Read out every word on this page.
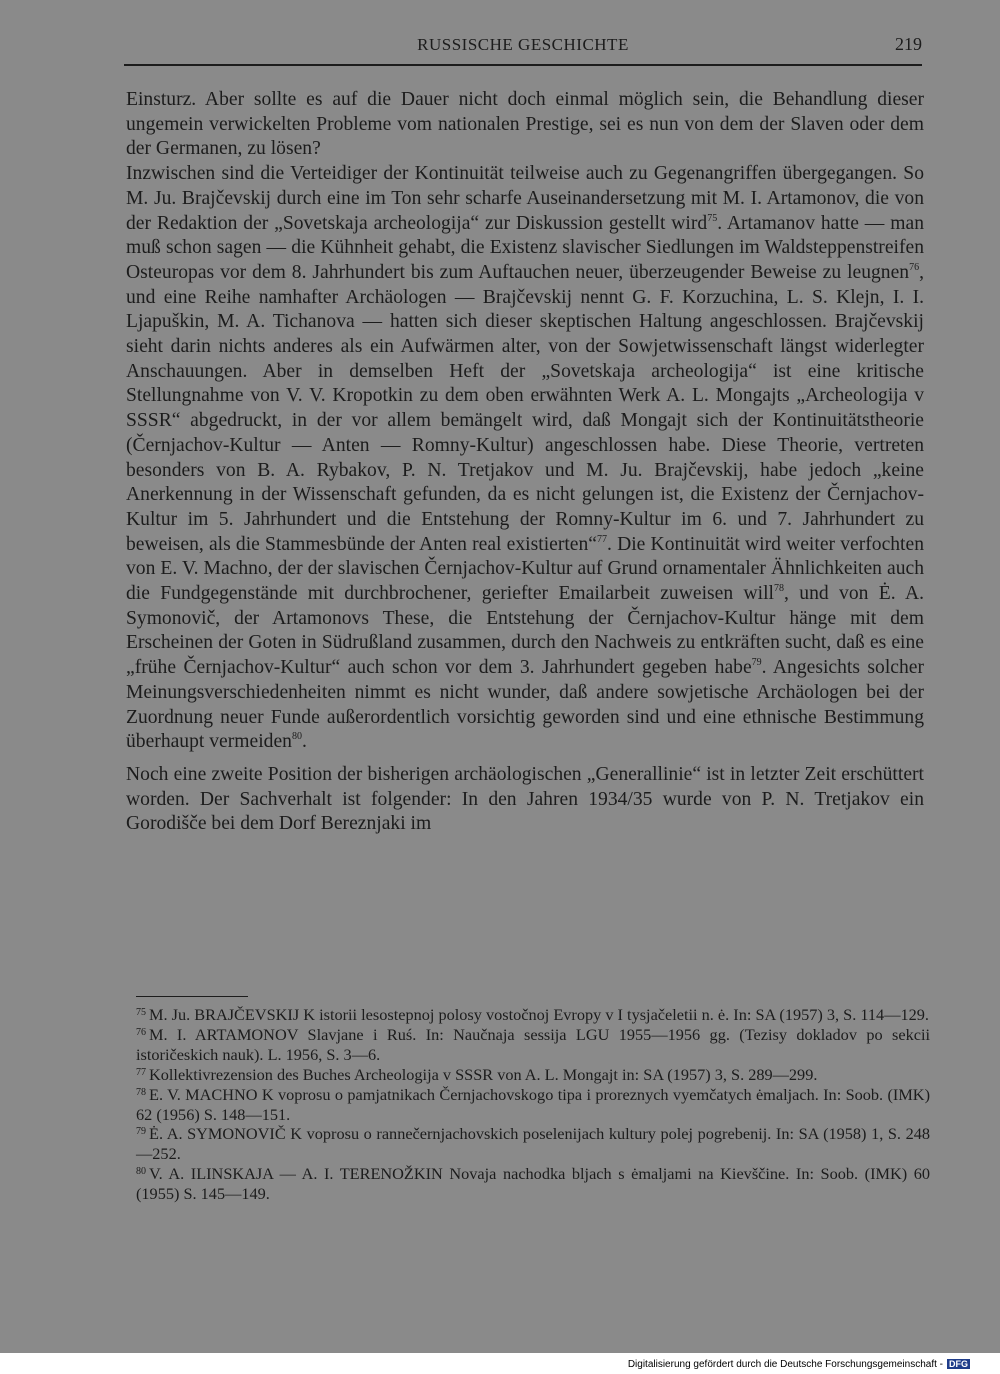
RUSSISCHE GESCHICHTE	219

Einsturz. Aber sollte es auf die Dauer nicht doch einmal möglich sein, die Behandlung dieser ungemein verwickelten Probleme vom nationalen Prestige, sei es nun von dem der Slaven oder dem der Germanen, zu lösen?

Inzwischen sind die Verteidiger der Kontinuität teilweise auch zu Gegenangriffen übergegangen. So M. Ju. Brajčevskij durch eine im Ton sehr scharfe Auseinandersetzung mit M. I. Artamonov, die von der Redaktion der „Sovetskaja archeologija“ zur Diskussion gestellt wird$^{75}$. Artamanov hatte — man muß schon sagen — die Kühnheit gehabt, die Existenz slavischer Siedlungen im Waldsteppenstreifen Osteuropas vor dem 8. Jahrhundert bis zum Auftauchen neuer, überzeugender Beweise zu leugnen$^{76}$, und eine Reihe namhafter Archäologen — Brajčevskij nennt G. F. Korzuchina, L. S. Klejn, I. I. Ljapuškin, M. A. Tichanova — hatten sich dieser skeptischen Haltung angeschlossen. Brajčevskij sieht darin nichts anderes als ein Aufwärmen alter, von der Sowjetwissenschaft längst widerlegter Anschauungen. Aber in demselben Heft der „Sovetskaja archeologija“ ist eine kritische Stellungnahme von V. V. Kropotkin zu dem oben erwähnten Werk A. L. Mongajts „Archeologija v SSSR“ abgedruckt, in der vor allem bemängelt wird, daß Mongajt sich der Kontinuitätstheorie (Černjachov-Kultur — Anten — Romny-Kultur) angeschlossen habe. Diese Theorie, vertreten besonders von B. A. Rybakov, P. N. Tretjakov und M. Ju. Brajčevskij, habe jedoch „keine Anerkennung in der Wissenschaft gefunden, da es nicht gelungen ist, die Existenz der Černjachov-Kultur im 5. Jahrhundert und die Entstehung der Romny-Kultur im 6. und 7. Jahrhundert zu beweisen, als die Stammesbünde der Anten real existierten“$^{77}$. Die Kontinuität wird weiter verfochten von E. V. Machno, der der slavischen Černjachov-Kultur auf Grund ornamentaler Ähnlichkeiten auch die Fundgegenstände mit durchbrochener, geriefter Emailarbeit zuweisen will$^{78}$, und von Ė. A. Symonovič, der Artamonovs These, die Entstehung der Černjachov-Kultur hänge mit dem Erscheinen der Goten in Südrußland zusammen, durch den Nachweis zu entkräften sucht, daß es eine „frühe Černjachov-Kultur“ auch schon vor dem 3. Jahrhundert gegeben habe$^{79}$. Angesichts solcher Meinungsverschiedenheiten nimmt es nicht wunder, daß andere sowjetische Archäologen bei der Zuordnung neuer Funde außerordentlich vorsichtig geworden sind und eine ethnische Bestimmung überhaupt vermeiden$^{80}$.

Noch eine zweite Position der bisherigen archäologischen „Generallinie“ ist in letzter Zeit erschüttert worden. Der Sachverhalt ist folgender: In den Jahren 1934/35 wurde von P. N. Tretjakov ein Gorodišče bei dem Dorf Bereznjaki im

$^{75}$ M. Ju. BRAJČEVSKIJ K istorii lesostepnoj polosy vostočnoj Evropy v I tysjačeletii n. ė. In: SA (1957) 3, S. 114—129.

$^{76}$ M. I. ARTAMONOV Slavjane i Ruś. In: Naučnaja sessija LGU 1955—1956 gg. (Tezisy dokladov po sekcii istoričeskich nauk). L. 1956, S. 3—6.

$^{77}$ Kollektivrezension des Buches Archeologija v SSSR von A. L. Mongajt in: SA (1957) 3, S. 289—299.

$^{78}$ E. V. MACHNO K voprosu o pamjatnikach Černjachovskogo tipa i proreznych vyemčatych ėmaljach. In: Soob. (IMK) 62 (1956) S. 148—151.

$^{79}$ Ė. A. SYMONOVIČ K voprosu o rannečernjachovskich poselenijach kultury polej pogrebenij. In: SA (1958) 1, S. 248—252.

$^{80}$ V. A. ILINSKAJA — A. I. TERENOŽKIN Novaja nachodka bljach s ėmaljami na Kievščine. In: Soob. (IMK) 60 (1955) S. 145—149.

Digitalisierung gefördert durch die Deutsche Forschungsgemeinschaft - DFG
